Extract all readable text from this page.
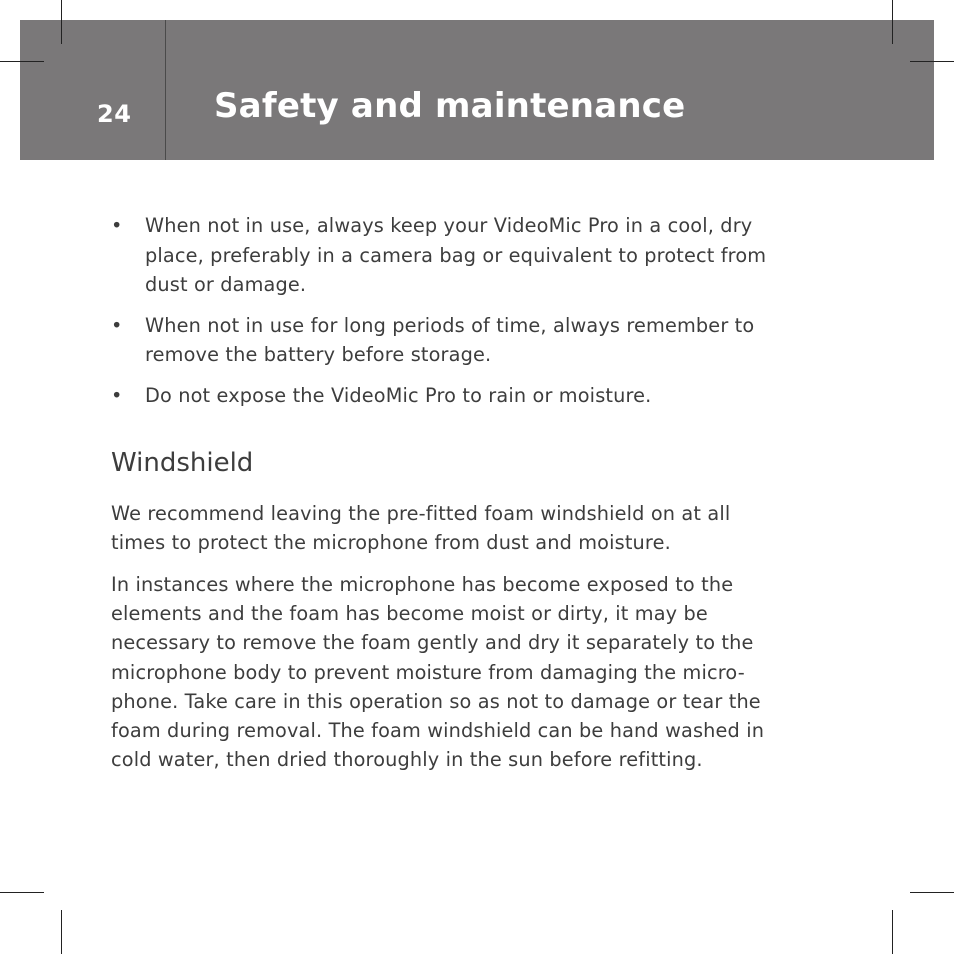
24 Safety and maintenance
• When not in use, always keep your VideoMic Pro in a cool, dry
place, preferably in a camera bag or equivalent to protect from
dust or damage.
• When not in use for long periods of time, always remember to
remove the battery before storage.
• Do not expose the VideoMic Pro to rain or moisture.
Windshield
We recommend leaving the pre-fitted foam windshield on at all
times to protect the microphone from dust and moisture.
In instances where the microphone has become exposed to the
elements and the foam has become moist or dirty, it may be
necessary to remove the foam gently and dry it separately to the
microphone body to prevent moisture from damaging the micro-
phone. Take care in this operation so as not to damage or tear the
foam during removal. The foam windshield can be hand washed in
cold water, then dried thoroughly in the sun before refitting.
